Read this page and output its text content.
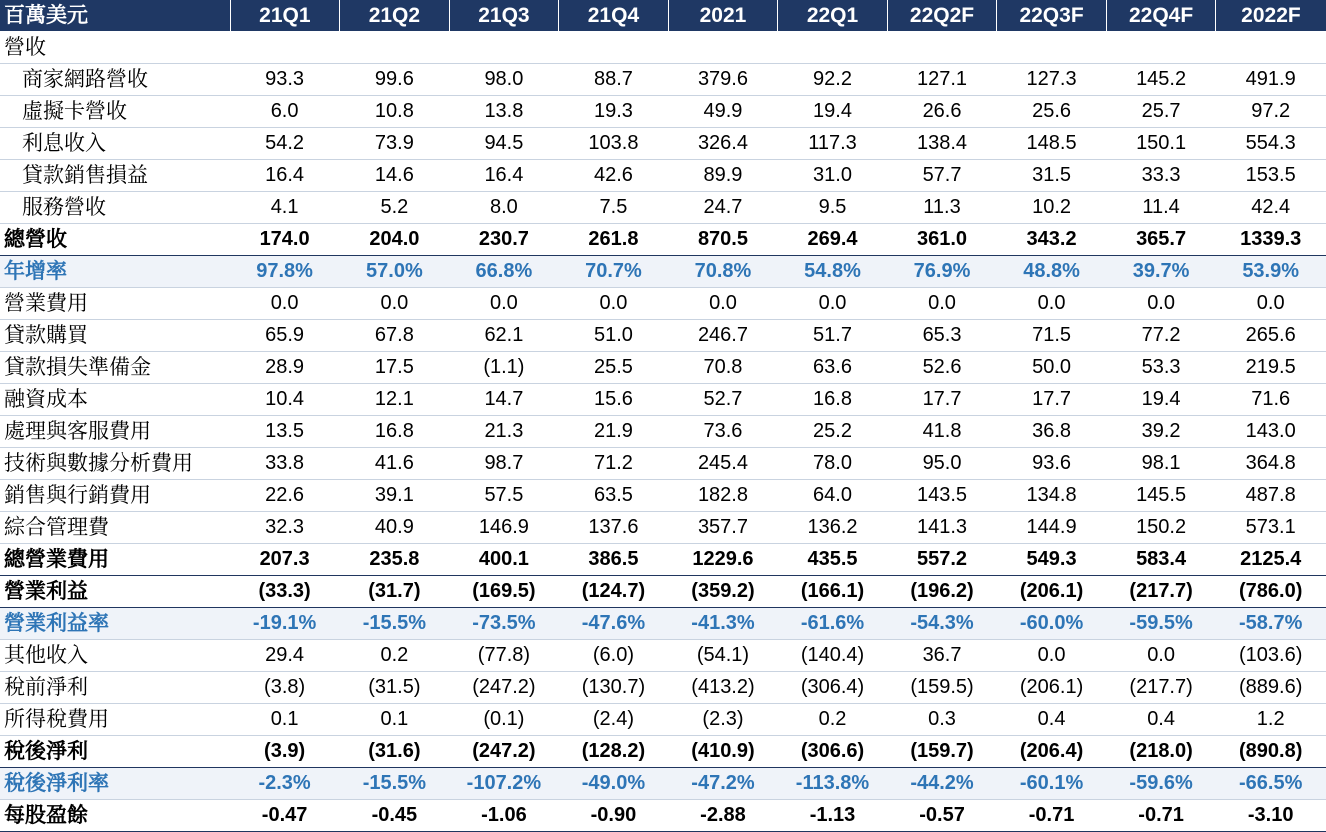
百萬美元	21Q1	21Q2	21Q3	21Q4	2021	22Q1	22Q2F	22Q3F	22Q4F	2022F
營收										
商家網路營收	93.3	99.6	98.0	88.7	379.6	92.2	127.1	127.3	145.2	491.9
虛擬卡營收	6.0	10.8	13.8	19.3	49.9	19.4	26.6	25.6	25.7	97.2
利息收入	54.2	73.9	94.5	103.8	326.4	117.3	138.4	148.5	150.1	554.3
貸款銷售損益	16.4	14.6	16.4	42.6	89.9	31.0	57.7	31.5	33.3	153.5
服務營收	4.1	5.2	8.0	7.5	24.7	9.5	11.3	10.2	11.4	42.4
總營收	174.0	204.0	230.7	261.8	870.5	269.4	361.0	343.2	365.7	1339.3
年增率	97.8%	57.0%	66.8%	70.7%	70.8%	54.8%	76.9%	48.8%	39.7%	53.9%
營業費用	0.0	0.0	0.0	0.0	0.0	0.0	0.0	0.0	0.0	0.0
貸款購買	65.9	67.8	62.1	51.0	246.7	51.7	65.3	71.5	77.2	265.6
貸款損失準備金	28.9	17.5	(1.1)	25.5	70.8	63.6	52.6	50.0	53.3	219.5
融資成本	10.4	12.1	14.7	15.6	52.7	16.8	17.7	17.7	19.4	71.6
處理與客服費用	13.5	16.8	21.3	21.9	73.6	25.2	41.8	36.8	39.2	143.0
技術與數據分析費用	33.8	41.6	98.7	71.2	245.4	78.0	95.0	93.6	98.1	364.8
銷售與行銷費用	22.6	39.1	57.5	63.5	182.8	64.0	143.5	134.8	145.5	487.8
綜合管理費	32.3	40.9	146.9	137.6	357.7	136.2	141.3	144.9	150.2	573.1
總營業費用	207.3	235.8	400.1	386.5	1229.6	435.5	557.2	549.3	583.4	2125.4
營業利益	(33.3)	(31.7)	(169.5)	(124.7)	(359.2)	(166.1)	(196.2)	(206.1)	(217.7)	(786.0)
營業利益率	-19.1%	-15.5%	-73.5%	-47.6%	-41.3%	-61.6%	-54.3%	-60.0%	-59.5%	-58.7%
其他收入	29.4	0.2	(77.8)	(6.0)	(54.1)	(140.4)	36.7	0.0	0.0	(103.6)
稅前淨利	(3.8)	(31.5)	(247.2)	(130.7)	(413.2)	(306.4)	(159.5)	(206.1)	(217.7)	(889.6)
所得稅費用	0.1	0.1	(0.1)	(2.4)	(2.3)	0.2	0.3	0.4	0.4	1.2
稅後淨利	(3.9)	(31.6)	(247.2)	(128.2)	(410.9)	(306.6)	(159.7)	(206.4)	(218.0)	(890.8)
稅後淨利率	-2.3%	-15.5%	-107.2%	-49.0%	-47.2%	-113.8%	-44.2%	-60.1%	-59.6%	-66.5%
每股盈餘	-0.47	-0.45	-1.06	-0.90	-2.88	-1.13	-0.57	-0.71	-0.71	-3.10
